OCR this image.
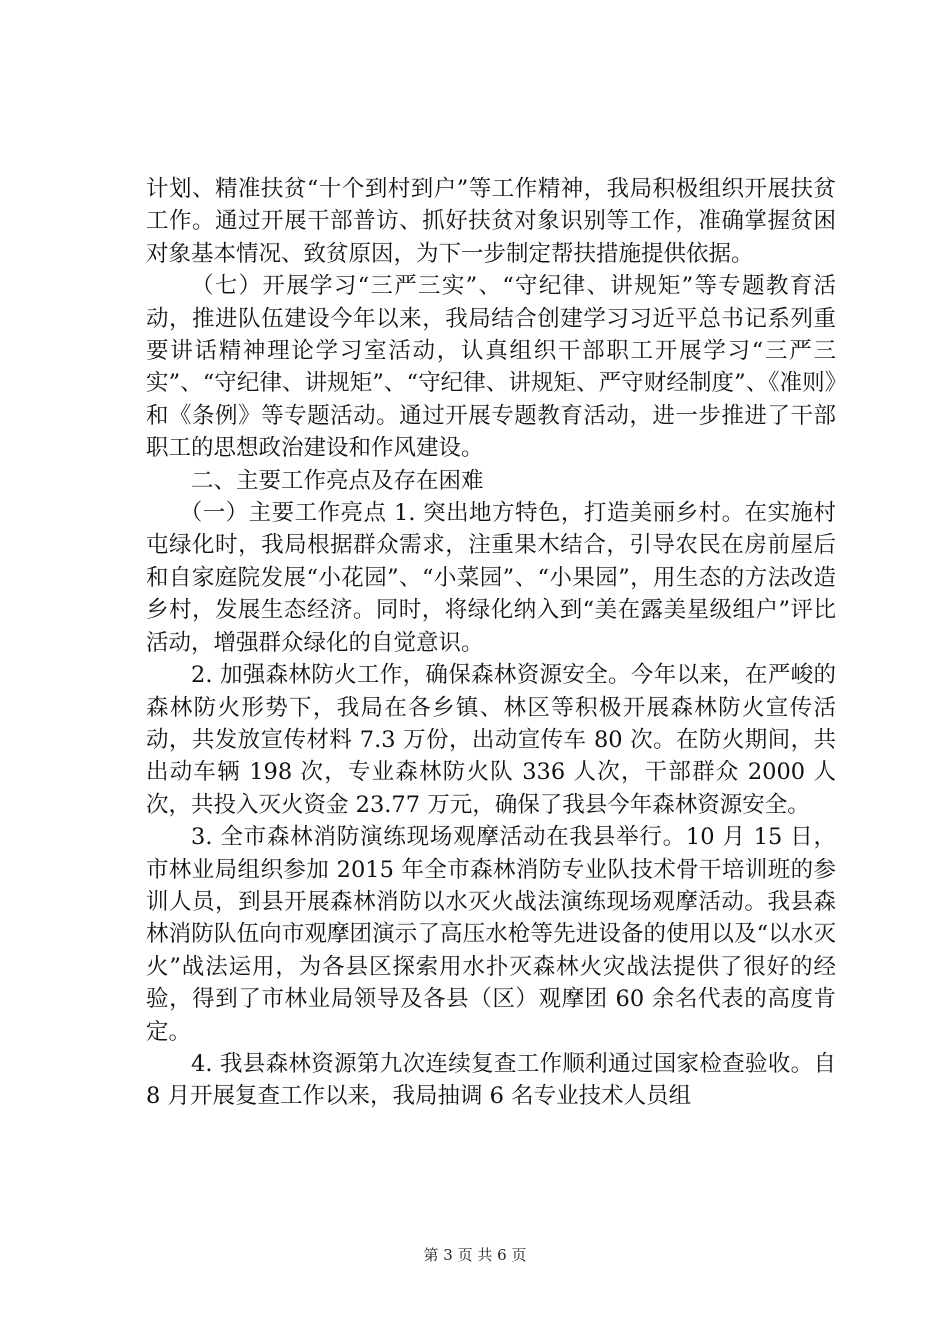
计划、精准扶贫“十个到村到户”等工作精神，我局积极组织开展扶贫工作。通过开展干部普访、抓好扶贫对象识别等工作，准确掌握贫困对象基本情况、致贫原因，为下一步制定帮扶措施提供依据。

（七）开展学习“三严三实”、“守纪律、讲规矩”等专题教育活动，推进队伍建设今年以来，我局结合创建学习习近平总书记系列重要讲话精神理论学习室活动，认真组织干部职工开展学习“三严三实”、“守纪律、讲规矩”、“守纪律、讲规矩、严守财经制度”、《准则》和《条例》等专题活动。通过开展专题教育活动，进一步推进了干部职工的思想政治建设和作风建设。

二、主要工作亮点及存在困难

（一）主要工作亮点 1. 突出地方特色，打造美丽乡村。在实施村屯绿化时，我局根据群众需求，注重果木结合，引导农民在房前屋后和自家庭院发展“小花园”、“小菜园”、“小果园”，用生态的方法改造乡村，发展生态经济。同时，将绿化纳入到“美在露美星级组户”评比活动，增强群众绿化的自觉意识。

2. 加强森林防火工作，确保森林资源安全。今年以来，在严峻的森林防火形势下，我局在各乡镇、林区等积极开展森林防火宣传活动，共发放宣传材料 7.3 万份，出动宣传车 80 次。在防火期间，共出动车辆 198 次，专业森林防火队 336 人次，干部群众 2000 人次，共投入灭火资金 23.77 万元，确保了我县今年森林资源安全。

3. 全市森林消防演练现场观摩活动在我县举行。10 月 15 日，市林业局组织参加 2015 年全市森林消防专业队技术骨干培训班的参训人员，到县开展森林消防以水灭火战法演练现场观摩活动。我县森林消防队伍向市观摩团演示了高压水枪等先进设备的使用以及“以水灭火”战法运用，为各县区探索用水扑灭森林火灾战法提供了很好的经验，得到了市林业局领导及各县（区）观摩团 60 余名代表的高度肯定。

4. 我县森林资源第九次连续复查工作顺利通过国家检查验收。自 8 月开展复查工作以来，我局抽调 6 名专业技术人员组

第 3 页 共 6 页
